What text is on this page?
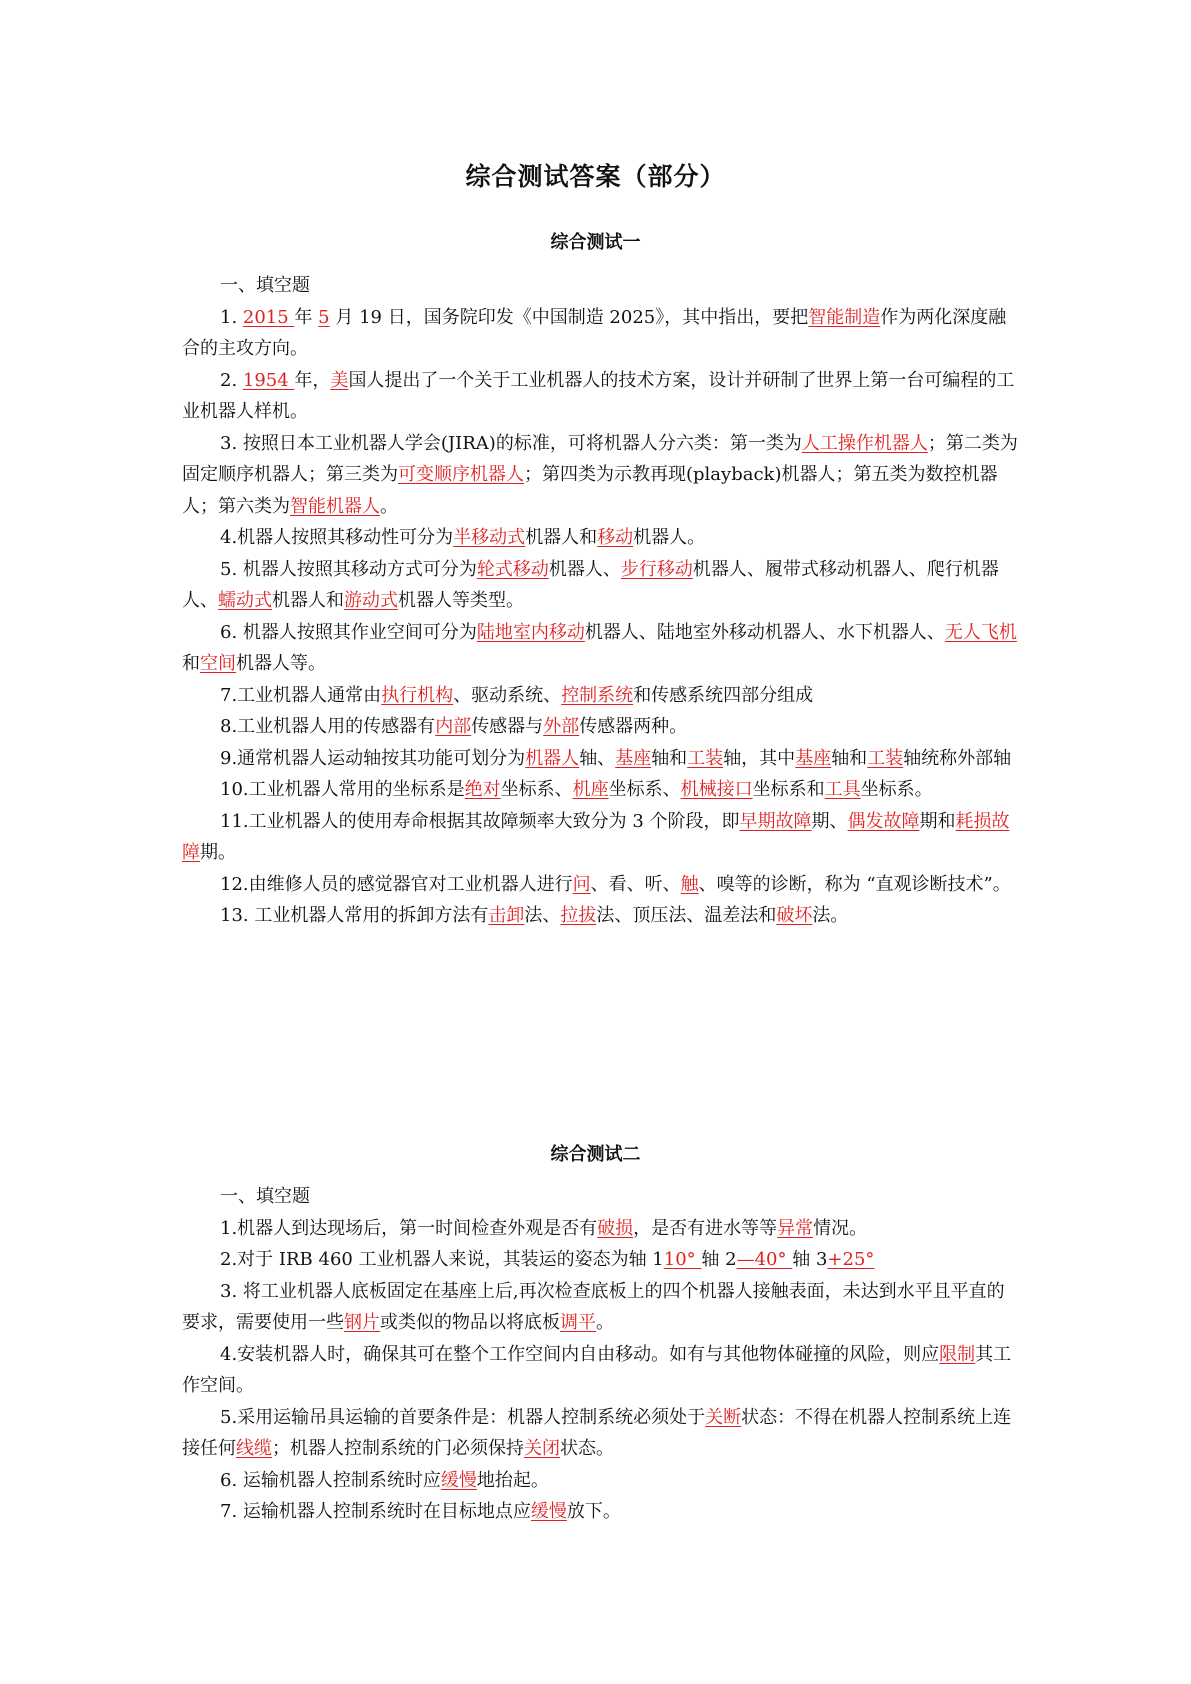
综合测试答案（部分）
综合测试一

一、填空题

1. 2015 年 5 月 19 日，国务院印发《中国制造 2025》，其中指出，要把智能制造作为两化深度融合的主攻方向。

2. 1954 年，美国人提出了一个关于工业机器人的技术方案，设计并研制了世界上第一台可编程的工业机器人样机。

3. 按照日本工业机器人学会(JIRA)的标准，可将机器人分六类：第一类为人工操作机器人；第二类为固定顺序机器人；第三类为可变顺序机器人；第四类为示教再现(playback)机器人；第五类为数控机器人；第六类为智能机器人。

4.机器人按照其移动性可分为半移动式机器人和移动机器人。

5. 机器人按照其移动方式可分为轮式移动机器人、步行移动机器人、履带式移动机器人、爬行机器人、蠕动式机器人和游动式机器人等类型。

6. 机器人按照其作业空间可分为陆地室内移动机器人、陆地室外移动机器人、水下机器人、无人飞机和空间机器人等。

7.工业机器人通常由执行机构、驱动系统、控制系统和传感系统四部分组成

8.工业机器人用的传感器有内部传感器与外部传感器两种。

9.通常机器人运动轴按其功能可划分为机器人轴、基座轴和工装轴，其中基座轴和工装轴统称外部轴

10.工业机器人常用的坐标系是绝对坐标系、机座坐标系、机械接口坐标系和工具坐标系。

11.工业机器人的使用寿命根据其故障频率大致分为 3 个阶段，即早期故障期、偶发故障期和耗损故障期。

12.由维修人员的感觉器官对工业机器人进行问、看、听、触、嗅等的诊断，称为 “直观诊断技术”。

13. 工业机器人常用的拆卸方法有击卸法、拉拔法、顶压法、温差法和破坏法。

综合测试二

一、填空题

1.机器人到达现场后，第一时间检查外观是否有破损，是否有进水等等异常情况。

2.对于 IRB 460 工业机器人来说，其装运的姿态为轴 110° 轴 2—40° 轴 3+25°

3. 将工业机器人底板固定在基座上后,再次检查底板上的四个机器人接触表面，未达到水平且平直的要求，需要使用一些钢片或类似的物品以将底板调平。

4.安装机器人时，确保其可在整个工作空间内自由移动。如有与其他物体碰撞的风险，则应限制其工作空间。

5.采用运输吊具运输的首要条件是：机器人控制系统必须处于关断状态：不得在机器人控制系统上连接任何线缆；机器人控制系统的门必须保持关闭状态。

6. 运输机器人控制系统时应缓慢地抬起。

7. 运输机器人控制系统时在目标地点应缓慢放下。
